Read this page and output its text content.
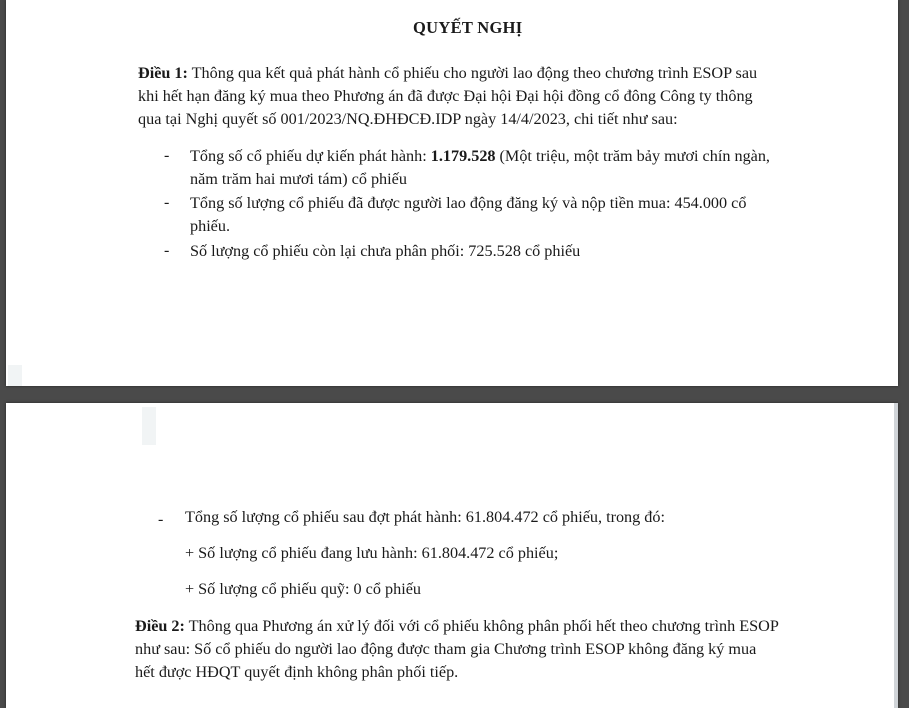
QUYẾT NGHỊ
Điều 1: Thông qua kết quả phát hành cổ phiếu cho người lao động theo chương trình ESOP sau
khi hết hạn đăng ký mua theo Phương án đã được Đại hội Đại hội đồng cổ đông Công ty thông
qua tại Nghị quyết số 001/2023/NQ.ĐHĐCĐ.IDP ngày 14/4/2023, chi tiết như sau:
- Tổng số cổ phiếu dự kiến phát hành: 1.179.528 (Một triệu, một trăm bảy mươi chín ngàn,
năm trăm hai mươi tám) cổ phiếu
- Tổng số lượng cổ phiếu đã được người lao động đăng ký và nộp tiền mua: 454.000 cổ
phiếu.
- Số lượng cổ phiếu còn lại chưa phân phối: 725.528 cổ phiếu
- Tổng số lượng cổ phiếu sau đợt phát hành: 61.804.472 cổ phiếu, trong đó:
+ Số lượng cổ phiếu đang lưu hành: 61.804.472 cổ phiếu;
+ Số lượng cổ phiếu quỹ: 0 cổ phiếu
Điều 2: Thông qua Phương án xử lý đối với cổ phiếu không phân phối hết theo chương trình ESOP
như sau: Số cổ phiếu do người lao động được tham gia Chương trình ESOP không đăng ký mua
hết được HĐQT quyết định không phân phối tiếp.
